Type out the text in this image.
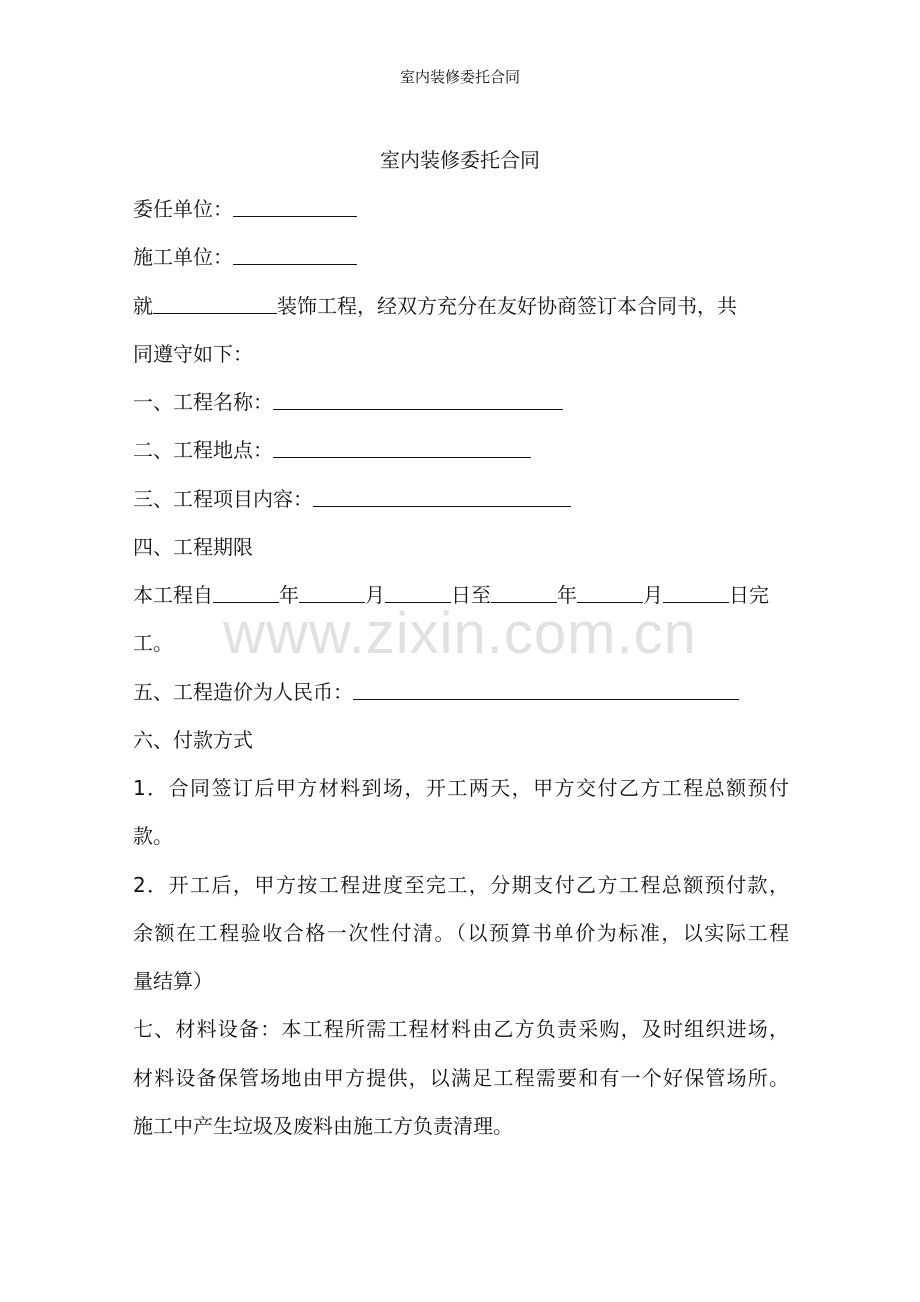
室内装修委托合同
室内装修委托合同
www.zixin.com.cn
委任单位：
施工单位：
就	装饰工程，经双方充分在友好协商签订本合同书，共
同遵守如下：
一、工程名称：
二、工程地点：
三、工程项目内容：
四、工程期限
本工程自	年	月	日至	年	月	日完
工。
五、工程造价为人民币：
六、付款方式
1．合同签订后甲方材料到场，开工两天，甲方交付乙方工程总额预付
款。
2．开工后，甲方按工程进度至完工，分期支付乙方工程总额预付款，
余额在工程验收合格一次性付清。（以预算书单价为标准，以实际工程
量结算）
七、材料设备：本工程所需工程材料由乙方负责采购，及时组织进场，
材料设备保管场地由甲方提供，以满足工程需要和有一个好保管场所。
施工中产生垃圾及废料由施工方负责清理。
